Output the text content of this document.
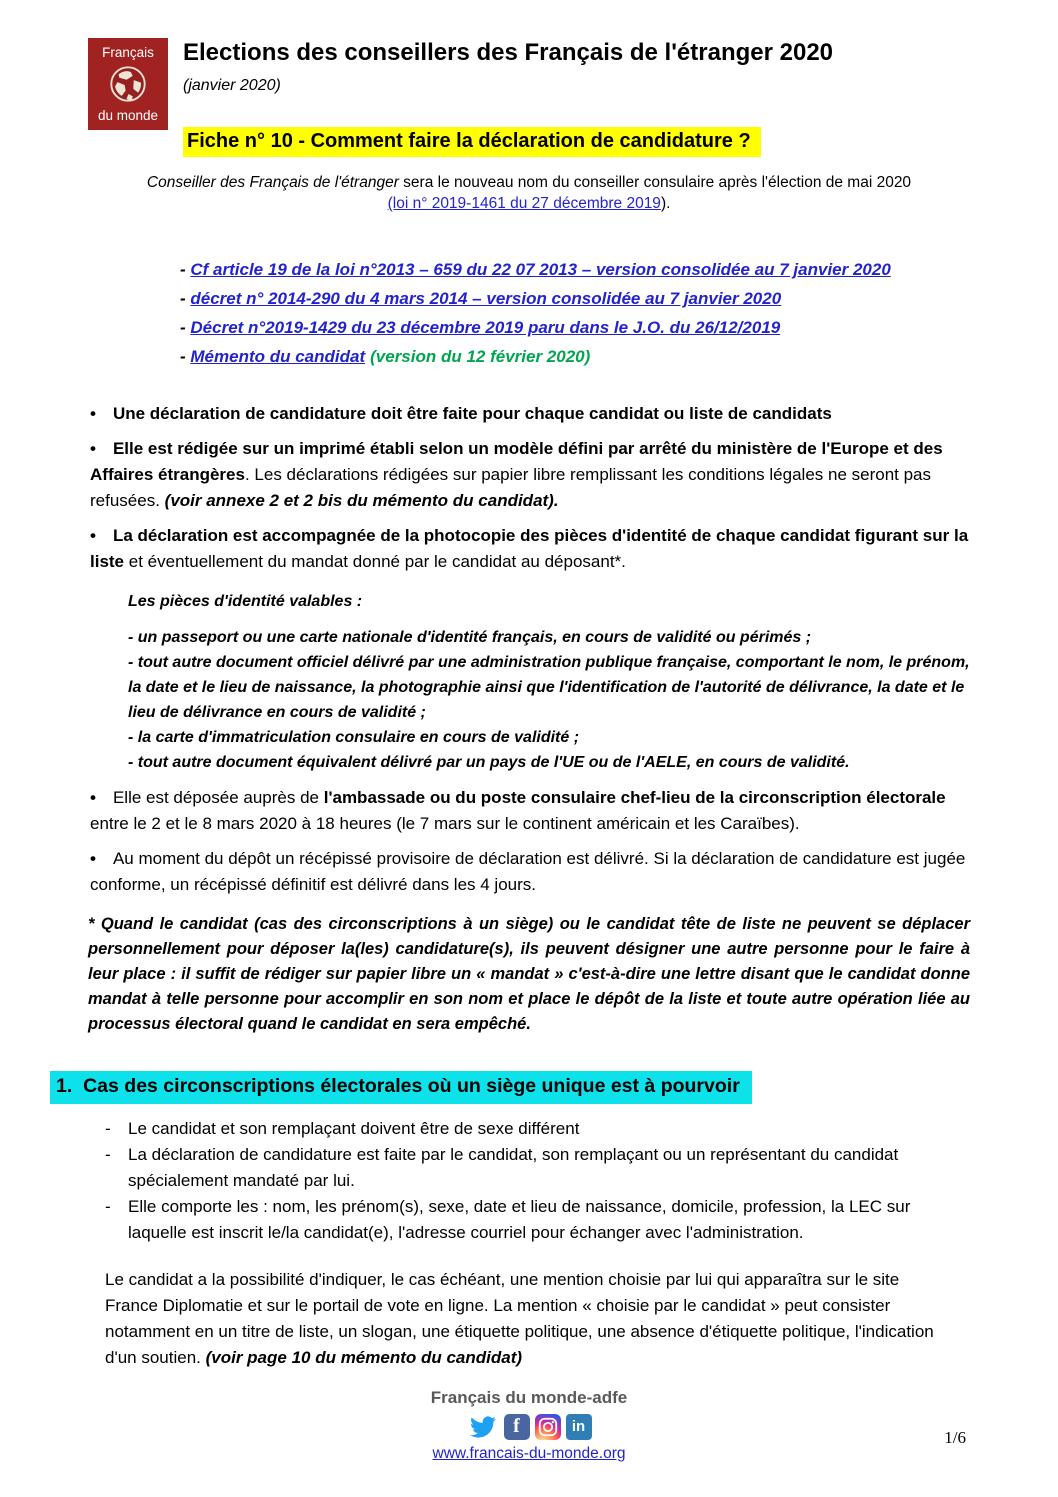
Français
du monde
Elections des conseillers des Français de l'étranger 2020
(janvier 2020)
Fiche n° 10 - Comment faire la déclaration de candidature ?
Conseiller des Français de l'étranger sera le nouveau nom du conseiller consulaire après l'élection de mai 2020
(loi n° 2019-1461 du 27 décembre 2019).
- Cf article 19 de la loi n°2013 – 659 du 22 07 2013 – version consolidée au 7 janvier 2020
- décret n° 2014-290 du 4 mars 2014 – version consolidée au 7 janvier 2020
- Décret n°2019-1429 du 23 décembre 2019 paru dans le J.O. du 26/12/2019
- Mémento du candidat (version du 12 février 2020)
• Une déclaration de candidature doit être faite pour chaque candidat ou liste de candidats
• Elle est rédigée sur un imprimé établi selon un modèle défini par arrêté du ministère de l'Europe et des Affaires étrangères. Les déclarations rédigées sur papier libre remplissant les conditions légales ne seront pas refusées. (voir annexe 2 et 2 bis du mémento du candidat).
• La déclaration est accompagnée de la photocopie des pièces d'identité de chaque candidat figurant sur la liste et éventuellement du mandat donné par le candidat au déposant*.
Les pièces d'identité valables :
- un passeport ou une carte nationale d'identité français, en cours de validité ou périmés ;
- tout autre document officiel délivré par une administration publique française, comportant le nom, le prénom, la date et le lieu de naissance, la photographie ainsi que l'identification de l'autorité de délivrance, la date et le lieu de délivrance en cours de validité ;
- la carte d'immatriculation consulaire en cours de validité ;
- tout autre document équivalent délivré par un pays de l'UE ou de l'AELE, en cours de validité.
• Elle est déposée auprès de l'ambassade ou du poste consulaire chef-lieu de la circonscription électorale entre le 2 et le 8 mars 2020 à 18 heures (le 7 mars sur le continent américain et les Caraïbes).
• Au moment du dépôt un récépissé provisoire de déclaration est délivré. Si la déclaration de candidature est jugée conforme, un récépissé définitif est délivré dans les 4 jours.
* Quand le candidat (cas des circonscriptions à un siège) ou le candidat tête de liste ne peuvent se déplacer personnellement pour déposer la(les) candidature(s), ils peuvent désigner une autre personne pour le faire à leur place : il suffit de rédiger sur papier libre un « mandat » c'est-à-dire une lettre disant que le candidat donne mandat à telle personne pour accomplir en son nom et place le dépôt de la liste et toute autre opération liée au processus électoral quand le candidat en sera empêché.
1.  Cas des circonscriptions électorales où un siège unique est à pourvoir
- Le candidat et son remplaçant doivent être de sexe différent
- La déclaration de candidature est faite par le candidat, son remplaçant ou un représentant du candidat spécialement mandaté par lui.
- Elle comporte les : nom, les prénom(s), sexe, date et lieu de naissance, domicile, profession, la LEC sur laquelle est inscrit le/la candidat(e), l'adresse courriel pour échanger avec l'administration.
Le candidat a la possibilité d'indiquer, le cas échéant, une mention choisie par lui qui apparaîtra sur le site France Diplomatie et sur le portail de vote en ligne. La mention « choisie par le candidat » peut consister notamment en un titre de liste, un slogan, une étiquette politique, une absence d'étiquette politique, l'indication d'un soutien. (voir page 10 du mémento du candidat)
Français du monde-adfe
f	in
www.francais-du-monde.org
1/6
